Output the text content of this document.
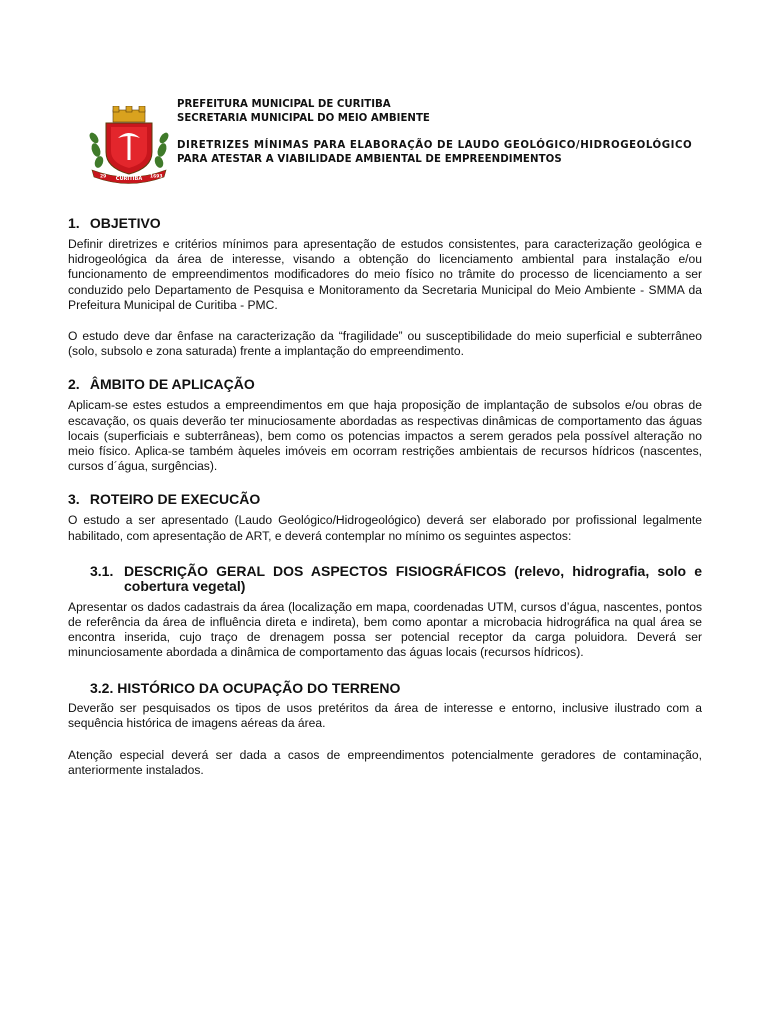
29 CURITIBA 1693
PREFEITURA MUNICIPAL DE CURITIBA
SECRETARIA MUNICIPAL DO MEIO AMBIENTE
DIRETRIZES MÍNIMAS PARA ELABORAÇÃO DE LAUDO GEOLÓGICO/HIDROGEOLÓGICO
PARA ATESTAR A VIABILIDADE AMBIENTAL DE EMPREENDIMENTOS
1. OBJETIVO

Definir diretrizes e critérios mínimos para apresentação de estudos consistentes, para caracterização geológica e hidrogeológica da área de interesse, visando a obtenção do licenciamento ambiental para instalação e/ou funcionamento de empreendimentos modificadores do meio físico no trâmite do processo de licenciamento a ser conduzido pelo Departamento de Pesquisa e Monitoramento da Secretaria Municipal do Meio Ambiente - SMMA da Prefeitura Municipal de Curitiba - PMC.

O estudo deve dar ênfase na caracterização da “fragilidade” ou susceptibilidade do meio superficial e subterrâneo (solo, subsolo e zona saturada) frente a implantação do empreendimento.

2. ÂMBITO DE APLICAÇÃO

Aplicam-se estes estudos a empreendimentos em que haja proposição de implantação de subsolos e/ou obras de escavação, os quais deverão ter minuciosamente abordadas as respectivas dinâmicas de comportamento das águas locais (superficiais e subterrâneas), bem como os potencias impactos a serem gerados pela possível alteração no meio físico. Aplica-se também àqueles imóveis em ocorram restrições ambientais de recursos hídricos (nascentes, cursos d´água, surgências).

3. ROTEIRO DE EXECUCÃO

O estudo a ser apresentado (Laudo Geológico/Hidrogeológico) deverá ser elaborado por profissional legalmente habilitado, com apresentação de ART, e deverá contemplar no mínimo os seguintes aspectos:

3.1. DESCRIÇÃO GERAL DOS ASPECTOS FISIOGRÁFICOS (relevo, hidrografia, solo e cobertura vegetal)

Apresentar os dados cadastrais da área (localização em mapa, coordenadas UTM, cursos d’água, nascentes, pontos de referência da área de influência direta e indireta), bem como apontar a microbacia hidrográfica na qual área se encontra inserida, cujo traço de drenagem possa ser potencial receptor da carga poluidora. Deverá ser minunciosamente abordada a dinâmica de comportamento das águas locais (recursos hídricos).

3.2. HISTÓRICO DA OCUPAÇÃO DO TERRENO

Deverão ser pesquisados os tipos de usos pretéritos da área de interesse e entorno, inclusive ilustrado com a sequência histórica de imagens aéreas da área.

Atenção especial deverá ser dada a casos de empreendimentos potencialmente geradores de contaminação, anteriormente instalados.
